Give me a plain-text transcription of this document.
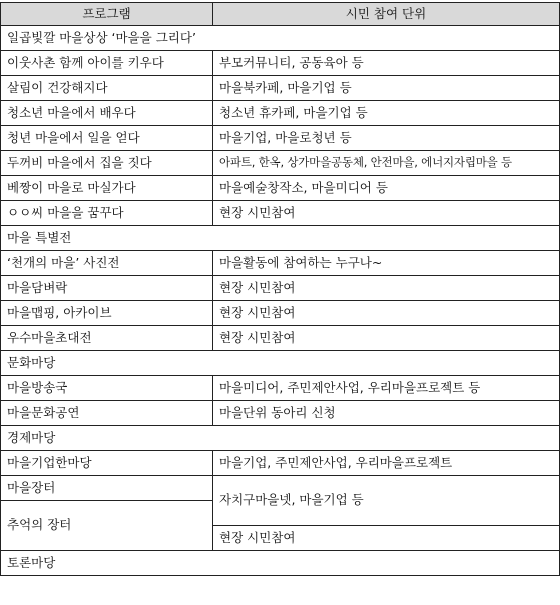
프로그램	시민 참여 단위
일곱빛깔 마을상상 ‘마을을 그리다’	
이웃사촌 함께 아이를 키우다	부모커뮤니티, 공동육아 등
살림이 건강해지다	마을북카페, 마을기업 등
청소년 마을에서 배우다	청소년 휴카페, 마을기업 등
청년 마을에서 일을 얻다	마을기업, 마을로청년 등
두꺼비 마을에서 집을 짓다	아파트, 한옥, 상가마을공동체, 안전마을, 에너지자립마을 등
베짱이 마을로 마실가다	마을예술창작소, 마을미디어 등
ㅇㅇ씨 마을을 꿈꾸다	현장 시민참여
마을 특별전	
‘천개의 마을’ 사진전	마을활동에 참여하는 누구나~
마을담벼락	현장 시민참여
마을맵핑, 아카이브	현장 시민참여
우수마을초대전	현장 시민참여
문화마당	
마을방송국	마을미디어, 주민제안사업, 우리마을프로젝트 등
마을문화공연	마을단위 동아리 신청
경제마당	
마을기업한마당	마을기업, 주민제안사업, 우리마을프로젝트
마을장터	자치구마을넷, 마을기업 등
추억의 장터	
	현장 시민참여
토론마당	
